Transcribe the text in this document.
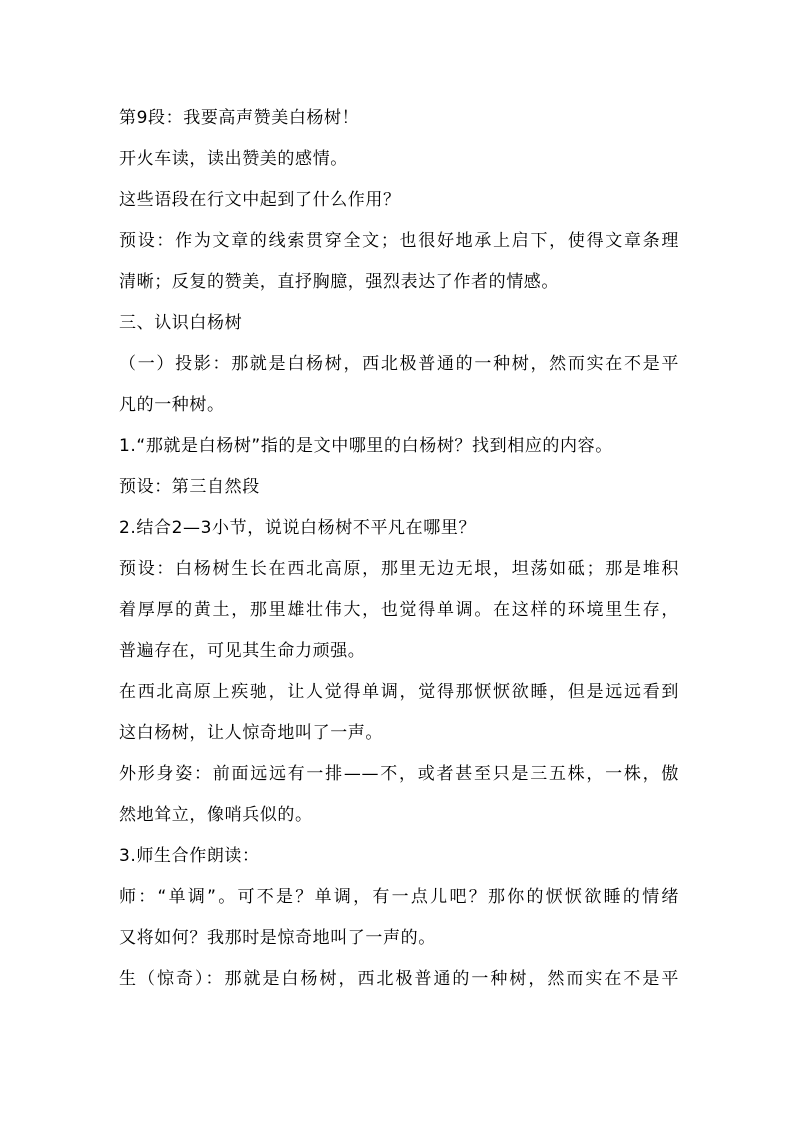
第9段：我要高声赞美白杨树！
开火车读，读出赞美的感情。
这些语段在行文中起到了什么作用？
预设：作为文章的线索贯穿全文；也很好地承上启下，使得文章条理
清晰；反复的赞美，直抒胸臆，强烈表达了作者的情感。
三、认识白杨树
（一）投影：那就是白杨树，西北极普通的一种树，然而实在不是平
凡的一种树。
1.“那就是白杨树”指的是文中哪里的白杨树？找到相应的内容。
预设：第三自然段
2.结合2—3小节，说说白杨树不平凡在哪里？
预设：白杨树生长在西北高原，那里无边无垠，坦荡如砥；那是堆积
着厚厚的黄土，那里雄壮伟大，也觉得单调。在这样的环境里生存，
普遍存在，可见其生命力顽强。
在西北高原上疾驰，让人觉得单调，觉得那恹恹欲睡，但是远远看到
这白杨树，让人惊奇地叫了一声。
外形身姿：前面远远有一排——不，或者甚至只是三五株，一株，傲
然地耸立，像哨兵似的。
3.师生合作朗读：
师：“单调”。可不是？单调，有一点儿吧？那你的恹恹欲睡的情绪
又将如何？我那时是惊奇地叫了一声的。
生（惊奇）：那就是白杨树，西北极普通的一种树，然而实在不是平
